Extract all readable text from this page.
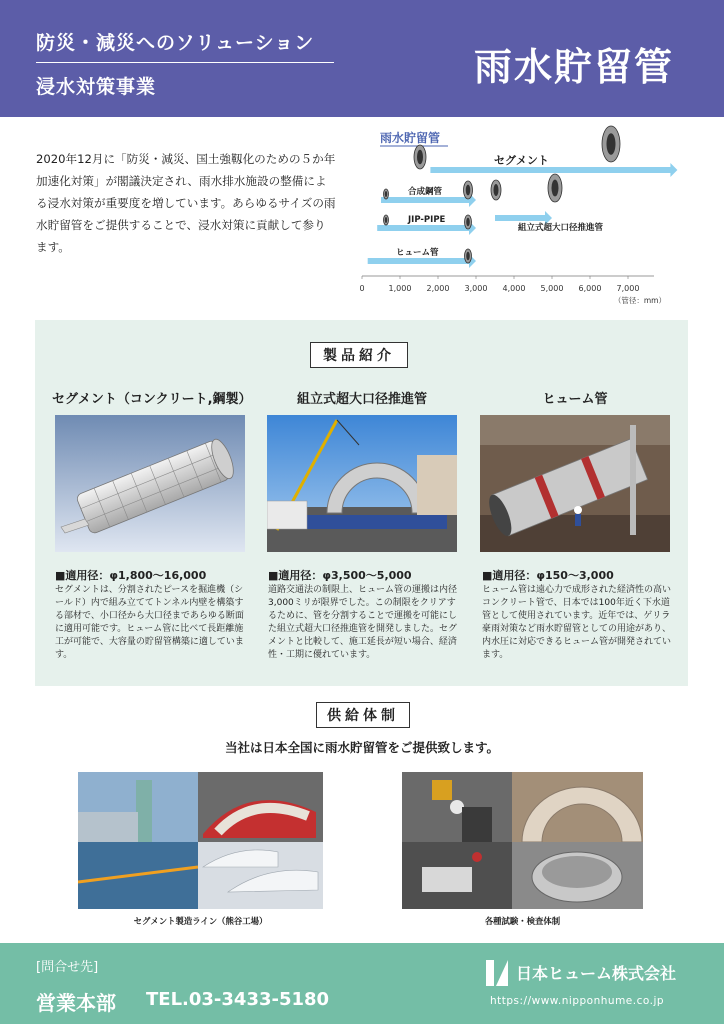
防災・減災へのソリューション
浸水対策事業	雨水貯留管
2020年12月に「防災・減災、国土強靱化のための５か年加速化対策」が閣議決定され、雨水排水施設の整備による浸水対策が重要度を増しています。あらゆるサイズの雨水貯留管をご提供することで、浸水対策に貢献して参ります。
雨水貯留管
0	1,000 2,000 3,000 4,000 5,000 6,000 7,000
（管径：mm）
セグメント
合成鋼管
組立式超大口径推進管
JIP-PIPE
ヒューム管
製品紹介
セグメント（コンクリート,鋼製）
■適用径：φ1,800〜16,000
セグメントは、分割されたピースを掘進機（シールド）内で組み立ててトンネル内壁を構築する部材で、小口径から大口径まであらゆる断面に適用可能です。ヒューム管に比べて長距離施工が可能で、大容量の貯留管構築に適しています。
組立式超大口径推進管
■適用径：φ3,500〜5,000
道路交通法の制限上、ヒューム管の運搬は内径3,000ミリが限界でした。この制限をクリアするために、管を分割することで運搬を可能にした組立式超大口径推進管を開発しました。セグメントと比較して、施工延長が短い場合、経済性・工期に優れています。
ヒューム管
■適用径：φ150〜3,000
ヒューム管は遠心力で成形された経済性の高いコンクリート管で、日本では100年近く下水道管として使用されています。近年では、ゲリラ豪雨対策など雨水貯留管としての用途があり、内水圧に対応できるヒューム管が開発されています。
供給体制
当社は日本全国に雨水貯留管をご提供致します。
セグメント製造ライン（熊谷工場）	各種試験・検査体制
[問合せ先]
営業本部 TEL.03-3433-5180
日本ヒューム株式会社
https://www.nipponhume.co.jp
